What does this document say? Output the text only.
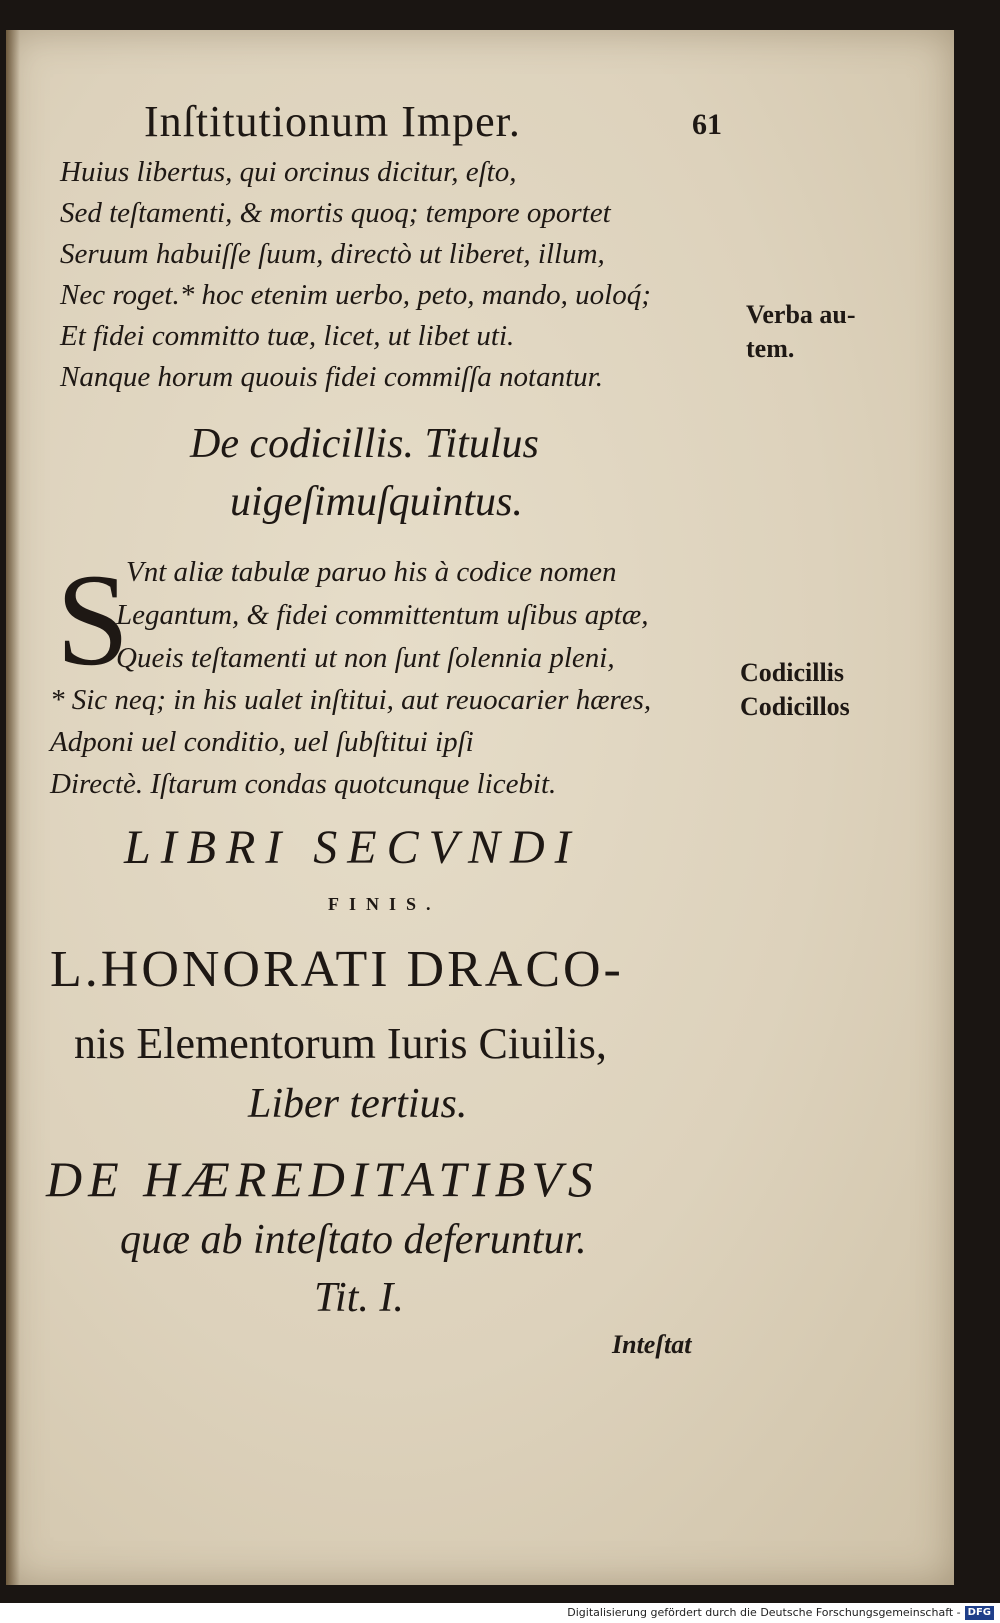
Inſtitutionum Imper.	61
Huius libertus, qui orcinus dicitur, eſto,
Sed teſtamenti, & mortis quoq; tempore oportet
Seruum habuiſſe ſuum, directò ut liberet, illum,
Nec roget.* hoc etenim uerbo, peto, mando, uoloq́;
Et fidei committo tuæ, licet, ut libet uti.
Nanque horum quouis fidei commiſſa notantur.
Verba au-
tem.
De codicillis. Titulus
uigeſimuſquintus.
S
Vnt aliæ tabulæ paruo his à codice nomen
Legantum, & fidei committentum uſibus aptæ,
Queis teſtamenti ut non ſunt ſolennia pleni,
* Sic neq; in his ualet inſtitui, aut reuocarier hæres,
Adponi uel conditio, uel ſubſtitui ipſi
Directè. Iſtarum condas quotcunque licebit.
Codicillis
Codicillos
LIBRI SECVNDI
FINIS.
L.HONORATI DRACO-
nis Elementorum Iuris Ciuilis,
Liber tertius.
DE HÆREDITATIBVS
quæ ab inteſtato deferuntur.
Tit. I.
Inteſtat
Digitalisierung gefördert durch die Deutsche Forschungsgemeinschaft - DFG
